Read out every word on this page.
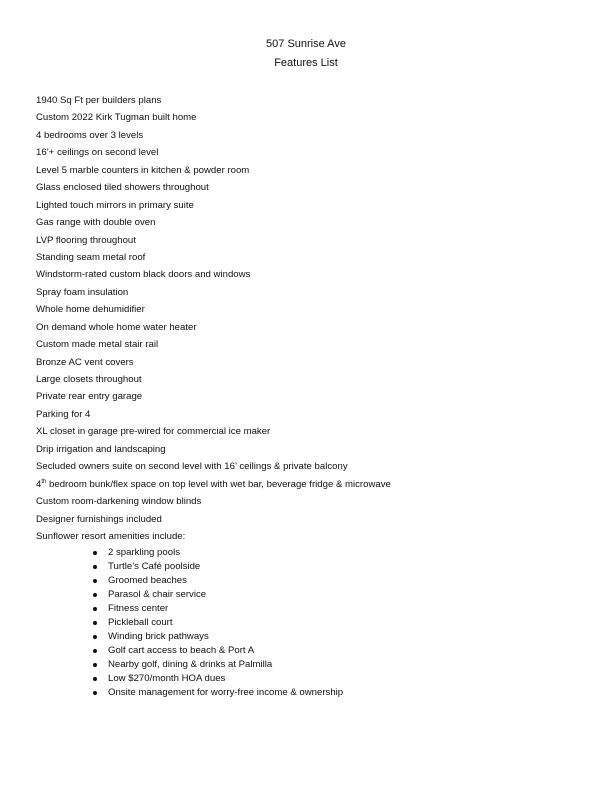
507 Sunrise Ave
Features List
1940 Sq Ft per builders plans
Custom 2022 Kirk Tugman built home
4 bedrooms over 3 levels
16’+ ceilings on second level
Level 5 marble counters in kitchen & powder room
Glass enclosed tiled showers throughout
Lighted touch mirrors in primary suite
Gas range with double oven
LVP flooring throughout
Standing seam metal roof
Windstorm-rated custom black doors and windows
Spray foam insulation
Whole home dehumidifier
On demand whole home water heater
Custom made metal stair rail
Bronze AC vent covers
Large closets throughout
Private rear entry garage
Parking for 4
XL closet in garage pre-wired for commercial ice maker
Drip irrigation and landscaping
Secluded owners suite on second level with 16’ ceilings & private balcony
4th bedroom bunk/flex space on top level with wet bar, beverage fridge & microwave
Custom room-darkening window blinds
Designer furnishings included
Sunflower resort amenities include:
2 sparkling pools
Turtle’s Café poolside
Groomed beaches
Parasol & chair service
Fitness center
Pickleball court
Winding brick pathways
Golf cart access to beach & Port A
Nearby golf, dining & drinks at Palmilla
Low $270/month HOA dues
Onsite management for worry-free income & ownership
